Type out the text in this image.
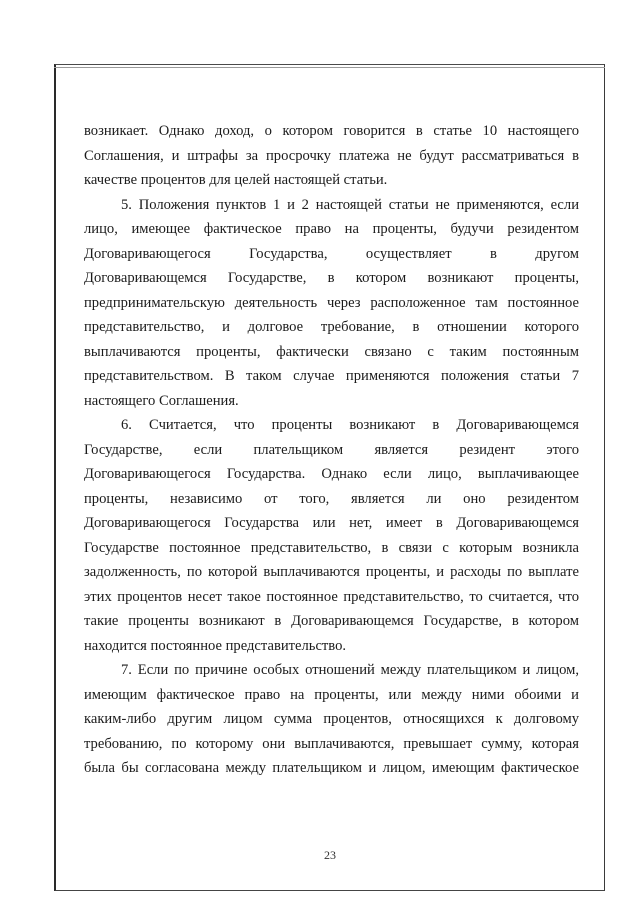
возникает. Однако доход, о котором говорится в статье 10 настоящего
Соглашения, и штрафы за просрочку платежа не будут рассматриваться в
качестве процентов для целей настоящей статьи.
5. Положения пунктов 1 и 2 настоящей статьи не применяются, если
лицо, имеющее фактическое право на проценты, будучи резидентом
Договаривающегося Государства, осуществляет в другом
Договаривающемся Государстве, в котором возникают проценты,
предпринимательскую деятельность через расположенное там постоянное
представительство, и долговое требование, в отношении которого
выплачиваются проценты, фактически связано с таким постоянным
представительством. В таком случае применяются положения статьи 7
настоящего Соглашения.
6. Считается, что проценты возникают в Договаривающемся
Государстве, если плательщиком является резидент этого
Договаривающегося Государства. Однако если лицо, выплачивающее
проценты, независимо от того, является ли оно резидентом
Договаривающегося Государства или нет, имеет в Договаривающемся
Государстве постоянное представительство, в связи с которым возникла
задолженность, по которой выплачиваются проценты, и расходы по выплате
этих процентов несет такое постоянное представительство, то считается, что
такие проценты возникают в Договаривающемся Государстве, в котором
находится постоянное представительство.
7. Если по причине особых отношений между плательщиком и лицом,
имеющим фактическое право на проценты, или между ними обоими и
каким-либо другим лицом сумма процентов, относящихся к долговому
требованию, по которому они выплачиваются, превышает сумму, которая
была бы согласована между плательщиком и лицом, имеющим фактическое
23
